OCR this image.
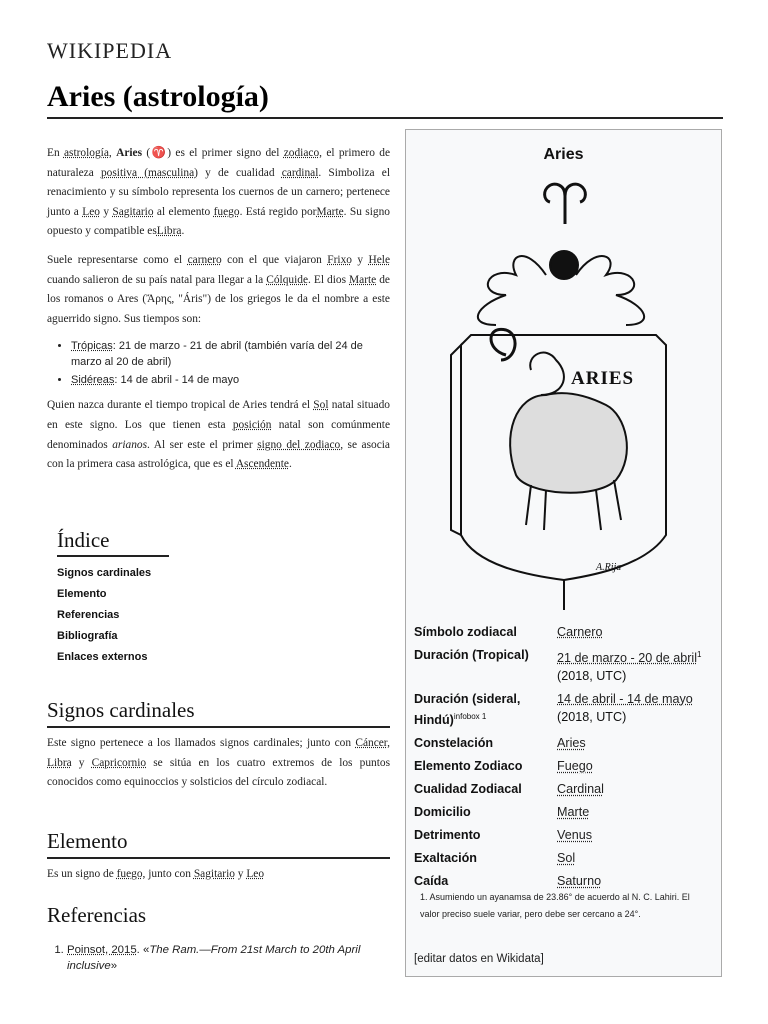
WIKIPEDIA
Aries (astrología)

En astrología, Aries (♈) es el primer signo del zodiaco, el primero de naturaleza positiva (masculina) y de cualidad cardinal. Simboliza el renacimiento y su símbolo representa los cuernos de un carnero; pertenece junto a Leo y Sagitario al elemento fuego. Está regido porMarte. Su signo opuesto y compatible esLibra.

Suele representarse como el carnero con el que viajaron Frixo y Hele cuando salieron de su país natal para llegar a la Cólquide. El dios Marte de los romanos o Ares (Ἄρης, "Áris") de los griegos le da el nombre a este aguerrido signo. Sus tiempos son:

• Trópicas: 21 de marzo - 21 de abril (también varía del 24 de marzo al 20 de abril)
• Sidéreas: 14 de abril - 14 de mayo

Quien nazca durante el tiempo tropical de Aries tendrá el Sol natal situado en este signo. Los que tienen esta posición natal son comúnmente denominados arianos. Al ser este el primer signo del zodiaco, se asocia con la primera casa astrológica, que es el Ascendente.

Índice
Signos cardinales
Elemento
Referencias
Bibliografía
Enlaces externos
Signos cardinales
Este signo pertenece a los llamados signos cardinales; junto con Cáncer, Libra y Capricornio se sitúa en los cuatro extremos de los puntos conocidos como equinoccios y solsticios del círculo zodiacal.
Elemento
Es un signo de fuego, junto con Sagitario y Leo
Referencias
1. Poinsot, 2015. «The Ram.—From 21st March to 20th April inclusive»
Aries
ARIES
A.Rija
Símbolo zodiacal	Carnero
Duración (Tropical)	21 de marzo - 20 de abril$^1$ (2018, UTC)
Duración (sideral, Hindú)$^{infobox 1}$	14 de abril - 14 de mayo
(2018, UTC)
Constelación	Aries
Elemento Zodiaco	Fuego
Cualidad Zodiacal	Cardinal
Domicilio	Marte
Detrimento	Venus
Exaltación	Sol
Caída	Saturno
1. Asumiendo un ayanamsa de 23.86° de acuerdo al N. C. Lahiri. El valor preciso suele variar, pero debe ser cercano a 24°.
[editar datos en Wikidata]
